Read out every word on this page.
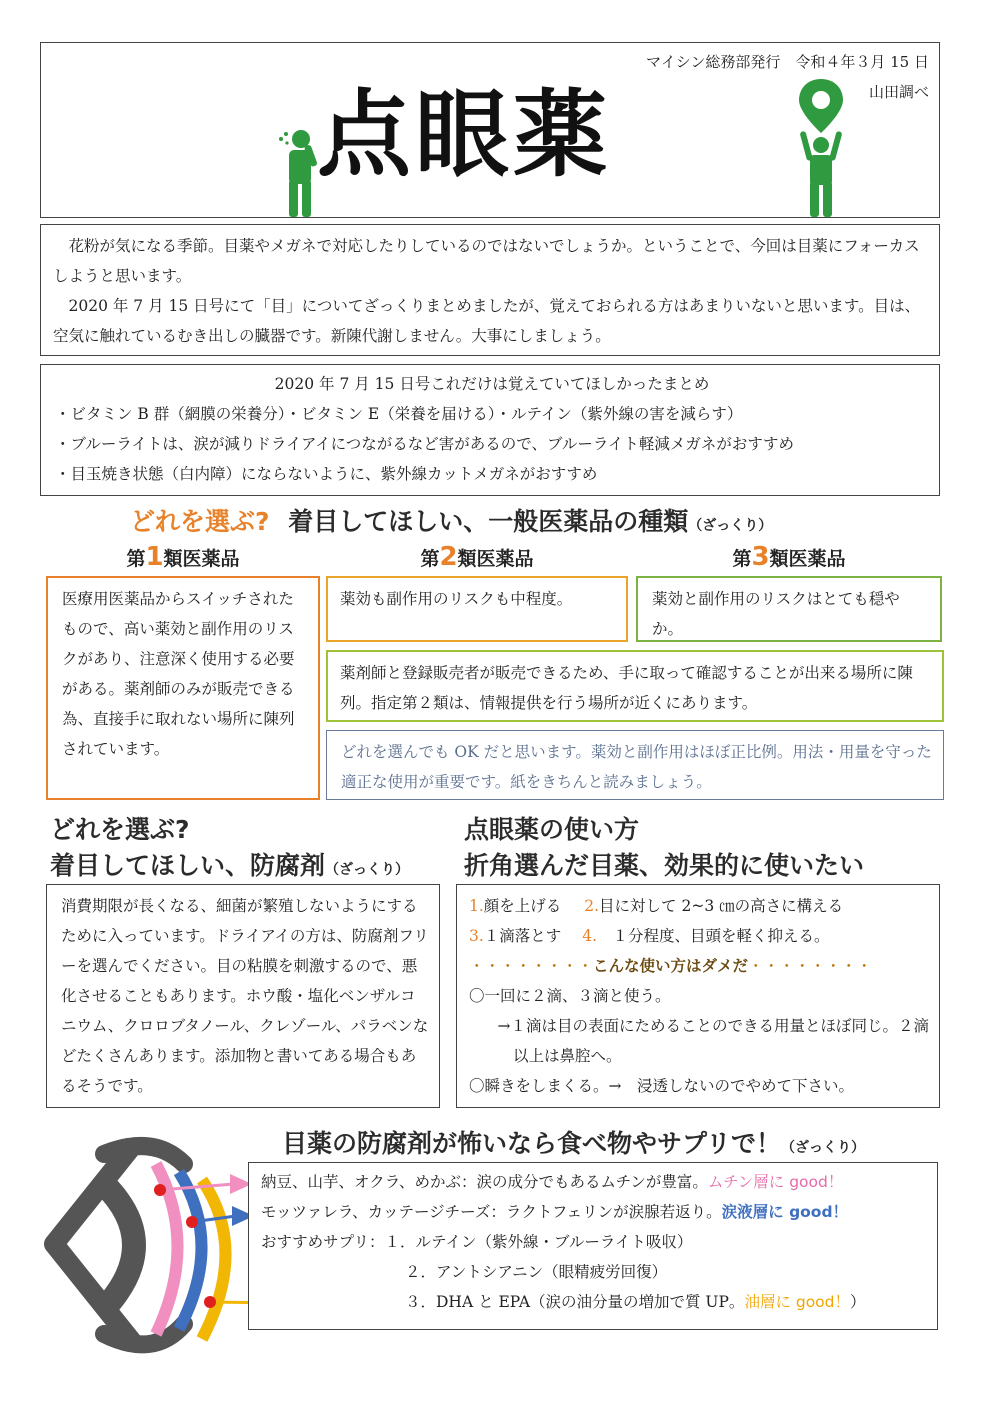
マイシン総務部発行　令和４年３月 15 日
山田調べ
点眼薬
花粉が気になる季節。目薬やメガネで対応したりしているのではないでしょうか。ということで、今回は目薬にフォーカスしようと思います。
2020 年 7 月 15 日号にて「目」についてざっくりまとめましたが、覚えておられる方はあまりいないと思います。目は、空気に触れているむき出しの臓器です。新陳代謝しません。大事にしましょう。
2020 年 7 月 15 日号これだけは覚えていてほしかったまとめ
・ビタミン B 群（網膜の栄養分）・ビタミン E（栄養を届ける）・ルテイン（紫外線の害を減らす）
・ブルーライトは、涙が減りドライアイにつながるなど害があるので、ブルーライト軽減メガネがおすすめ
・目玉焼き状態（白内障）にならないように、紫外線カットメガネがおすすめ
どれを選ぶ? 着目してほしい、一般医薬品の種類（ざっくり）
第1類医薬品	第2類医薬品	第3類医薬品
医療用医薬品からスイッチされたもので、高い薬効と副作用のリスクがあり、注意深く使用する必要がある。薬剤師のみが販売できる為、直接手に取れない場所に陳列されています。
薬効も副作用のリスクも中程度。	薬効と副作用のリスクはとても穏やか。
薬剤師と登録販売者が販売できるため、手に取って確認することが出来る場所に陳列。指定第２類は、情報提供を行う場所が近くにあります。
どれを選んでも OK だと思います。薬効と副作用はほぼ正比例。用法・用量を守った適正な使用が重要です。紙をきちんと読みましょう。
どれを選ぶ?
着目してほしい、防腐剤（ざっくり）
消費期限が長くなる、細菌が繁殖しないようにするために入っています。ドライアイの方は、防腐剤フリーを選んでください。目の粘膜を刺激するので、悪化させることもあります。ホウ酸・塩化ベンザルコニウム、クロロブタノール、クレゾール、パラベンなどたくさんあります。添加物と書いてある場合もあるそうです。
点眼薬の使い方
折角選んだ目薬、効果的に使いたい
1.顔を上げる 2.目に対して 2~3 ㎝の高さに構える
3.１滴落とす 4.　１分程度、目頭を軽く抑える。
・・・・・・・・こんな使い方はダメだ・・・・・・・・
〇一回に２滴、３滴と使う。
→１滴は目の表面にためることのできる用量とほぼ同じ。２滴以上は鼻腔へ。
〇瞬きをしまくる。→　浸透しないのでやめて下さい。
目薬の防腐剤が怖いなら食べ物やサプリで！（ざっくり）
納豆、山芋、オクラ、めかぶ：涙の成分でもあるムチンが豊富。ムチン層に good！
モッツァレラ、カッテージチーズ：ラクトフェリンが涙腺若返り。涙液層に good！
おすすめサプリ：１．ルテイン（紫外線・ブルーライト吸収）
２．アントシアニン（眼精疲労回復）
３．DHA と EPA（涙の油分量の増加で質 UP。油層に good！）
